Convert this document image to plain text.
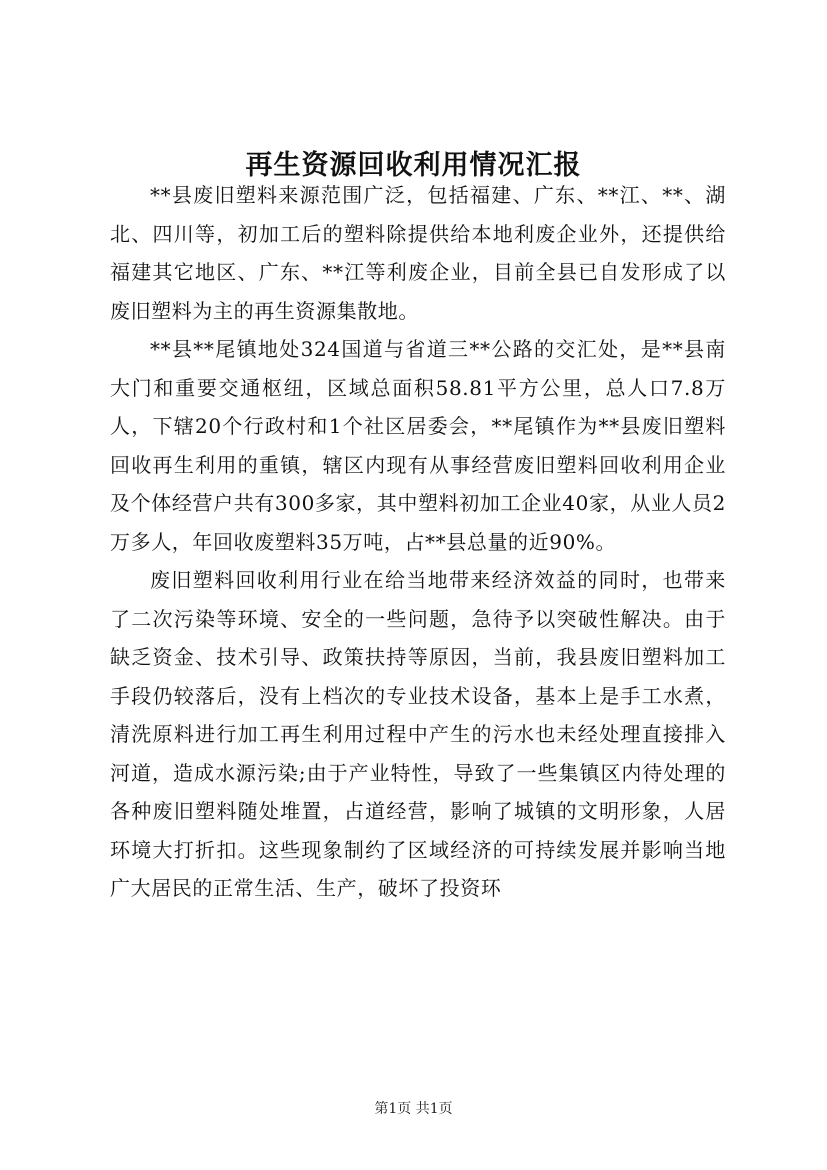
再生资源回收利用情况汇报

**县废旧塑料来源范围广泛，包括福建、广东、**江、**、湖北、四川等，初加工后的塑料除提供给本地利废企业外，还提供给福建其它地区、广东、**江等利废企业，目前全县已自发形成了以废旧塑料为主的再生资源集散地。

**县**尾镇地处324国道与省道三**公路的交汇处，是**县南大门和重要交通枢纽，区域总面积58.81平方公里，总人口7.8万人，下辖20个行政村和1个社区居委会，**尾镇作为**县废旧塑料回收再生利用的重镇，辖区内现有从事经营废旧塑料回收利用企业及个体经营户共有300多家，其中塑料初加工企业40家，从业人员2万多人，年回收废塑料35万吨，占**县总量的近90%。

废旧塑料回收利用行业在给当地带来经济效益的同时，也带来了二次污染等环境、安全的一些问题，急待予以突破性解决。由于缺乏资金、技术引导、政策扶持等原因，当前，我县废旧塑料加工手段仍较落后，没有上档次的专业技术设备，基本上是手工水煮，清洗原料进行加工再生利用过程中产生的污水也未经处理直接排入河道，造成水源污染;由于产业特性，导致了一些集镇区内待处理的各种废旧塑料随处堆置，占道经营，影响了城镇的文明形象，人居环境大打折扣。这些现象制约了区域经济的可持续发展并影响当地广大居民的正常生活、生产，破坏了投资环

第1页 共1页
